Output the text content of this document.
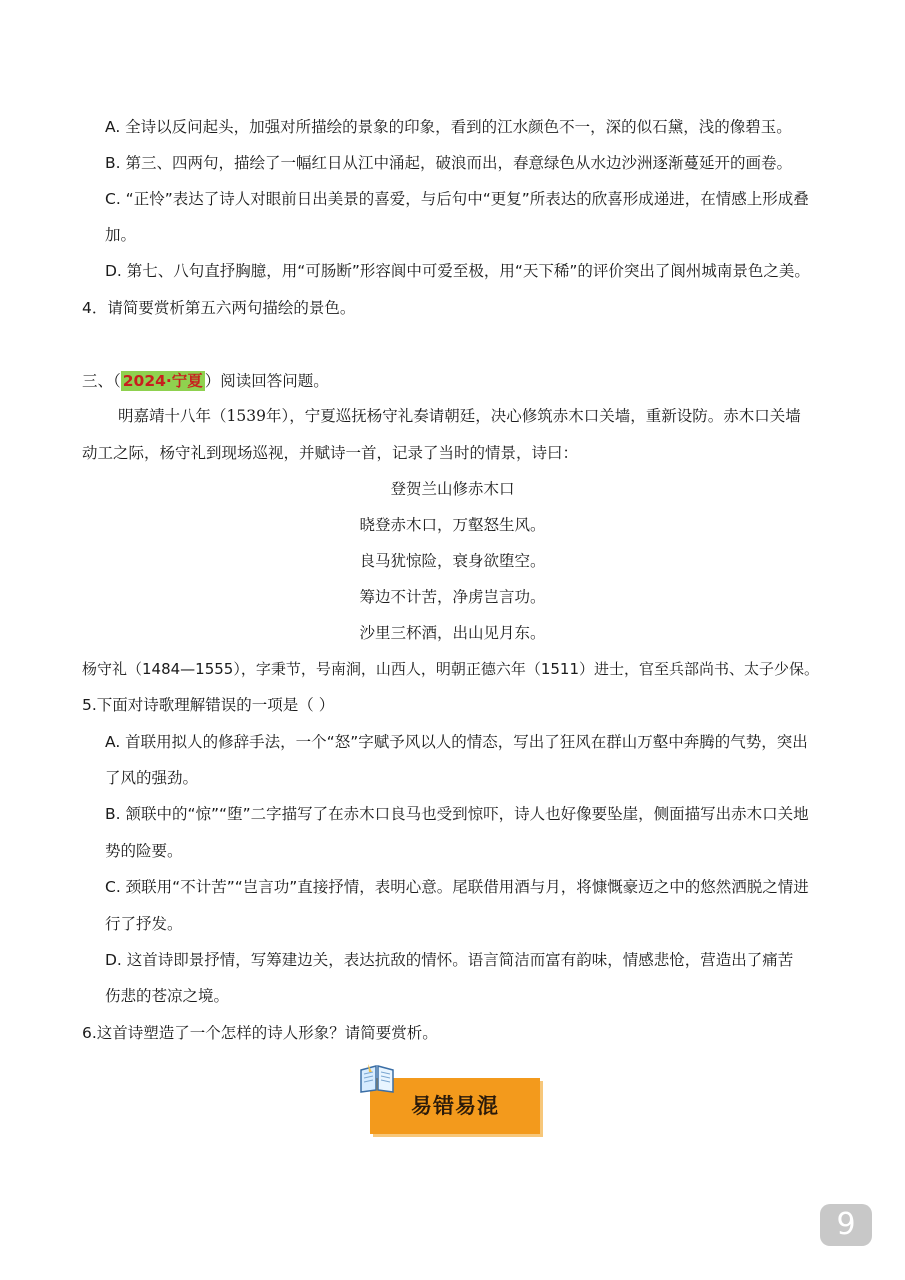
A. 全诗以反问起头，加强对所描绘的景象的印象，看到的江水颜色不一，深的似石黛，浅的像碧玉。
B. 第三、四两句，描绘了一幅红日从江中涌起，破浪而出，春意绿色从水边沙洲逐渐蔓延开的画卷。
C. “正怜”表达了诗人对眼前日出美景的喜爱，与后句中“更复”所表达的欣喜形成递进，在情感上形成叠
加。
D. 第七、八句直抒胸臆，用“可肠断”形容阆中可爱至极，用“天下稀”的评价突出了阆州城南景色之美。
4．请简要赏析第五六两句描绘的景色。
三、（ 2024·宁夏 ）阅读回答问题。
明嘉靖十八年（1539年），宁夏巡抚杨守礼奏请朝廷，决心修筑赤木口关墙，重新设防。赤木口关墙
动工之际，杨守礼到现场巡视，并赋诗一首，记录了当时的情景，诗曰：
登贺兰山修赤木口
晓登赤木口，万壑怒生风。
良马犹惊险，衰身欲堕空。
筹边不计苦，净虏岂言功。
沙里三杯酒，出山见月东。
杨守礼（1484—1555），字秉节，号南涧，山西人，明朝正德六年（1511）进士，官至兵部尚书、太子少保。
5.下面对诗歌理解错误的一项是（ ）
A. 首联用拟人的修辞手法，一个“怒”字赋予风以人的情态，写出了狂风在群山万壑中奔腾的气势，突出
了风的强劲。
B. 颔联中的“惊”“堕”二字描写了在赤木口良马也受到惊吓，诗人也好像要坠崖，侧面描写出赤木口关地
势的险要。
C. 颈联用“不计苦”“岂言功”直接抒情，表明心意。尾联借用酒与月，将慷慨豪迈之中的悠然洒脱之情进
行了抒发。
D. 这首诗即景抒情，写筹建边关，表达抗敌的情怀。语言简洁而富有韵味，情感悲怆，营造出了痛苦
伤悲的苍凉之境。
6.这首诗塑造了一个怎样的诗人形象？请简要赏析。
易错易混
9
